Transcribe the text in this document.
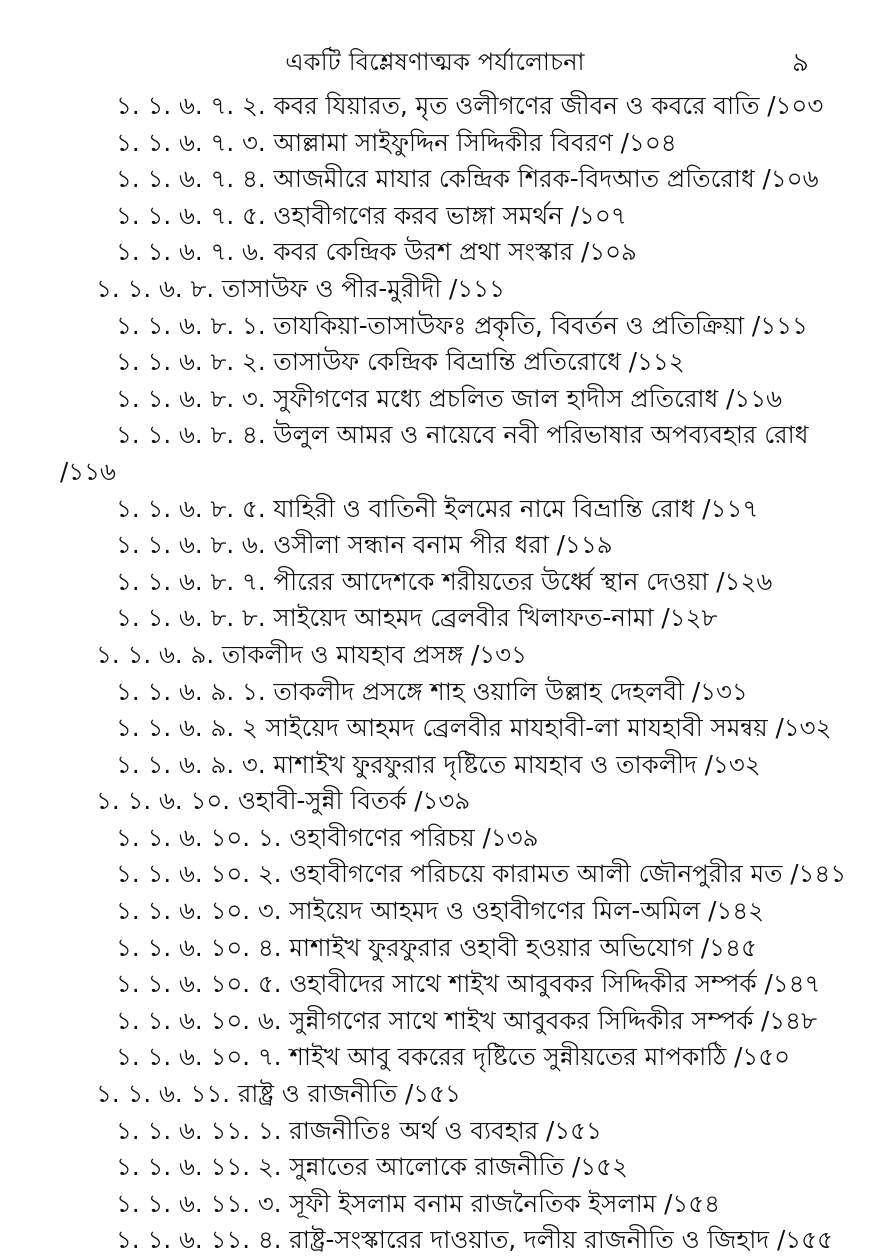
একটি বিশ্লেষণাত্মক পর্যালোচনা	৯
১. ১. ৬. ৭. ২. কবর যিয়ারত, মৃত ওলীগণের জীবন ও কবরে বাতি /১০৩
১. ১. ৬. ৭. ৩. আল্লামা সাইফুদ্দিন সিদ্দিকীর বিবরণ /১০৪
১. ১. ৬. ৭. ৪. আজমীরে মাযার কেন্দ্রিক শিরক-বিদআত প্রতিরোধ /১০৬
১. ১. ৬. ৭. ৫. ওহাবীগণের করব ভাঙ্গা সমর্থন /১০৭
১. ১. ৬. ৭. ৬. কবর কেন্দ্রিক উরশ প্রথা সংস্কার /১০৯
১. ১. ৬. ৮. তাসাউফ ও পীর-মুরীদী /১১১
১. ১. ৬. ৮. ১. তাযকিয়া-তাসাউফঃ প্রকৃতি, বিবর্তন ও প্রতিক্রিয়া /১১১
১. ১. ৬. ৮. ২. তাসাউফ কেন্দ্রিক বিভ্রান্তি প্রতিরোধে /১১২
১. ১. ৬. ৮. ৩. সুফীগণের মধ্যে প্রচলিত জাল হাদীস প্রতিরোধ /১১৬
১. ১. ৬. ৮. ৪. উলুল আমর ও নায়েবে নবী পরিভাষার অপব্যবহার রোধ
/১১৬
১. ১. ৬. ৮. ৫. যাহিরী ও বাতিনী ইলমের নামে বিভ্রান্তি রোধ /১১৭
১. ১. ৬. ৮. ৬. ওসীলা সন্ধান বনাম পীর ধরা /১১৯
১. ১. ৬. ৮. ৭. পীরের আদেশকে শরীয়তের উর্ধ্বে স্থান দেওয়া /১২৬
১. ১. ৬. ৮. ৮. সাইয়েদ আহমদ ব্রেলবীর খিলাফত-নামা /১২৮
১. ১. ৬. ৯. তাকলীদ ও মাযহাব প্রসঙ্গ /১৩১
১. ১. ৬. ৯. ১. তাকলীদ প্রসঙ্গে শাহ ওয়ালি উল্লাহ দেহলবী /১৩১
১. ১. ৬. ৯. ২ সাইয়েদ আহমদ ব্রেলবীর মাযহাবী-লা মাযহাবী সমন্বয় /১৩২
১. ১. ৬. ৯. ৩. মাশাইখ ফুরফুরার দৃষ্টিতে মাযহাব ও তাকলীদ /১৩২
১. ১. ৬. ১০. ওহাবী-সুন্নী বিতর্ক /১৩৯
১. ১. ৬. ১০. ১. ওহাবীগণের পরিচয় /১৩৯
১. ১. ৬. ১০. ২. ওহাবীগণের পরিচয়ে কারামত আলী জৌনপুরীর মত /১৪১
১. ১. ৬. ১০. ৩. সাইয়েদ আহমদ ও ওহাবীগণের মিল-অমিল /১৪২
১. ১. ৬. ১০. ৪. মাশাইখ ফুরফুরার ওহাবী হওয়ার অভিযোগ /১৪৫
১. ১. ৬. ১০. ৫. ওহাবীদের সাথে শাইখ আবুবকর সিদ্দিকীর সম্পর্ক /১৪৭
১. ১. ৬. ১০. ৬. সুন্নীগণের সাথে শাইখ আবুবকর সিদ্দিকীর সম্পর্ক /১৪৮
১. ১. ৬. ১০. ৭. শাইখ আবু বকরের দৃষ্টিতে সুন্নীয়তের মাপকাঠি /১৫০
১. ১. ৬. ১১. রাষ্ট্র ও রাজনীতি /১৫১
১. ১. ৬. ১১. ১. রাজনীতিঃ অর্থ ও ব্যবহার /১৫১
১. ১. ৬. ১১. ২. সুন্নাতের আলোকে রাজনীতি /১৫২
১. ১. ৬. ১১. ৩. সূফী ইসলাম বনাম রাজনৈতিক ইসলাম /১৫৪
১. ১. ৬. ১১. ৪. রাষ্ট্র-সংস্কারের দাওয়াত, দলীয় রাজনীতি ও জিহাদ /১৫৫
